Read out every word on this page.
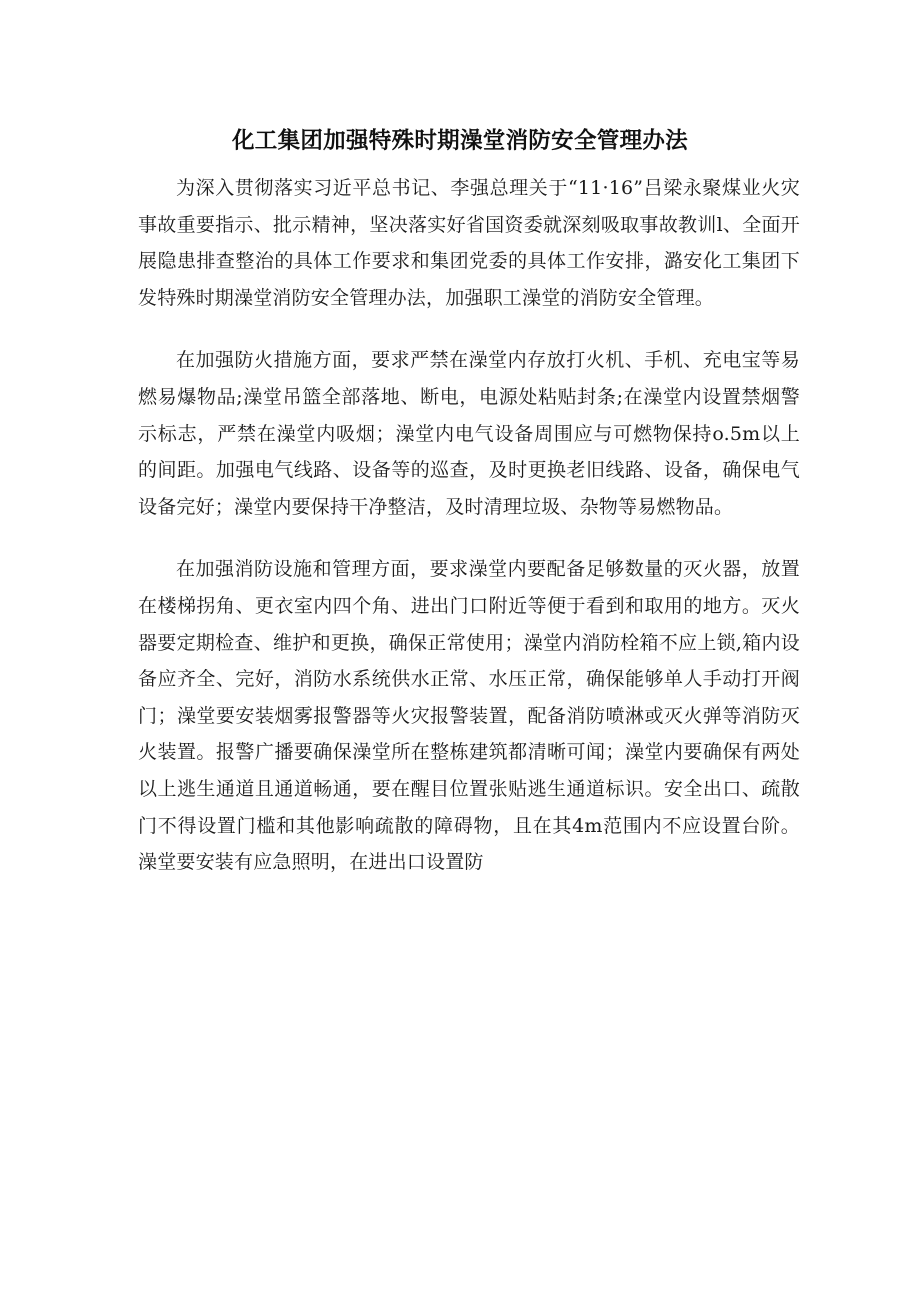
化工集团加强特殊时期澡堂消防安全管理办法

为深入贯彻落实习近平总书记、李强总理关于“11·16”吕梁永聚煤业火灾事故重要指示、批示精神，坚决落实好省国资委就深刻吸取事故教训l、全面开展隐患排查整治的具体工作要求和集团党委的具体工作安排，潞安化工集团下发特殊时期澡堂消防安全管理办法，加强职工澡堂的消防安全管理。

在加强防火措施方面，要求严禁在澡堂内存放打火机、手机、充电宝等易燃易爆物品;澡堂吊篮全部落地、断电，电源处粘贴封条;在澡堂内设置禁烟警示标志，严禁在澡堂内吸烟；澡堂内电气设备周围应与可燃物保持o.5m以上的间距。加强电气线路、设备等的巡查，及时更换老旧线路、设备，确保电气设备完好；澡堂内要保持干净整洁，及时清理垃圾、杂物等易燃物品。

在加强消防设施和管理方面，要求澡堂内要配备足够数量的灭火器，放置在楼梯拐角、更衣室内四个角、进出门口附近等便于看到和取用的地方。灭火器要定期检查、维护和更换，确保正常使用；澡堂内消防栓箱不应上锁,箱内设备应齐全、完好，消防水系统供水正常、水压正常，确保能够单人手动打开阀门；澡堂要安装烟雾报警器等火灾报警装置，配备消防喷淋或灭火弹等消防灭火装置。报警广播要确保澡堂所在整栋建筑都清晰可闻；澡堂内要确保有两处以上逃生通道且通道畅通，要在醒目位置张贴逃生通道标识。安全出口、疏散门不得设置门槛和其他影响疏散的障碍物，且在其4m范围内不应设置台阶。澡堂要安装有应急照明，在进出口设置防
